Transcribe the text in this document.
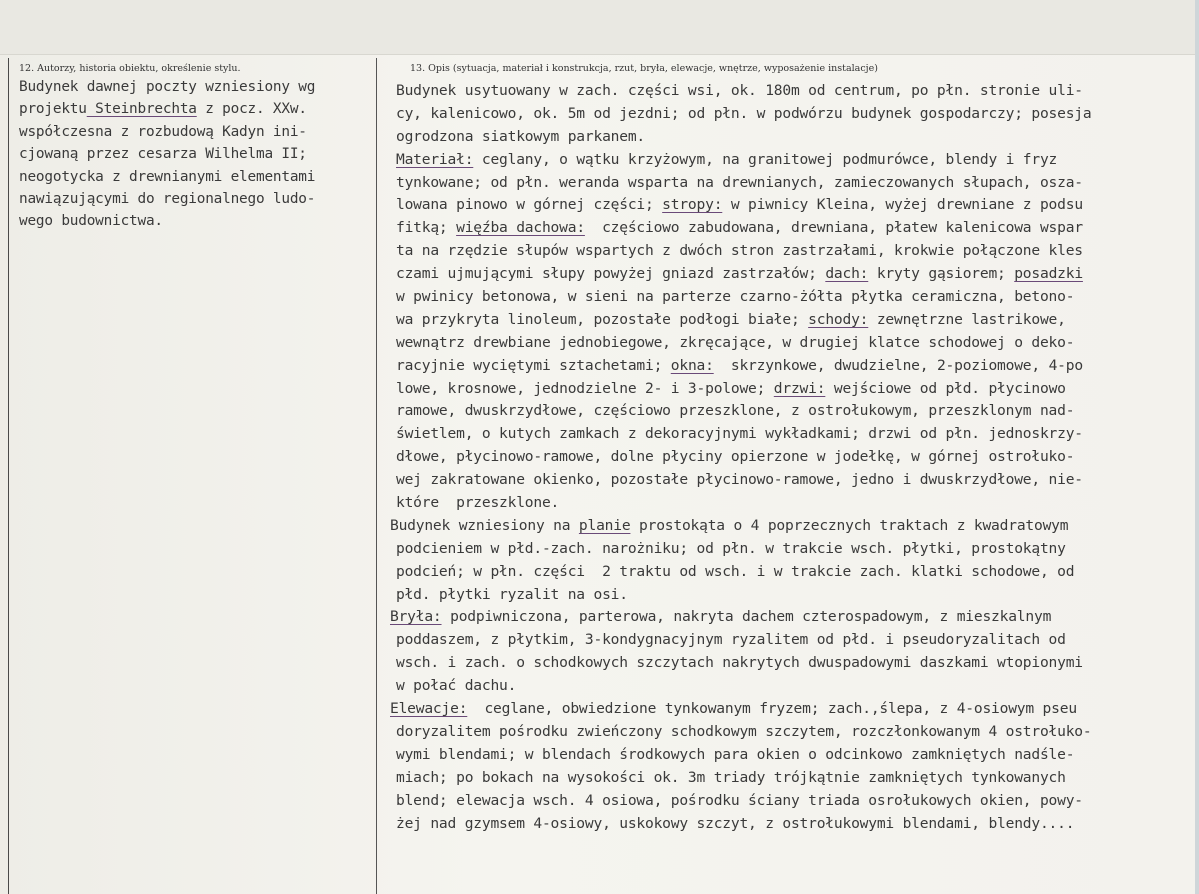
12. Autorzy, historia obiektu, określenie stylu.
Budynek dawnej poczty wzniesiony wg
projektu Steinbrechta z pocz. XXw.
współczesna z rozbudową Kadyn ini-
cjowaną przez cesarza Wilhelma II;
neogotycka z drewnianymi elementami
nawiązującymi do regionalnego ludo-
wego budownictwa.
13. Opis (sytuacja, materiał i konstrukcja, rzut, bryła, elewacje, wnętrze, wyposażenie instalacje)
Budynek usytuowany w zach. części wsi, ok. 180m od centrum, po płn. stronie uli-
cy, kalenicowo, ok. 5m od jezdni; od płn. w podwórzu budynek gospodarczy; posesja
ogrodzona siatkowym parkanem.
Materiał: ceglany, o wątku krzyżowym, na granitowej podmurówce, blendy i fryz
tynkowane; od płn. weranda wsparta na drewnianych, zamieczowanych słupach, osza-
lowana pinowo w górnej części; stropy: w piwnicy Kleina, wyżej drewniane z podsu
fitką; więźba dachowa:  częściowo zabudowana, drewniana, płatew kalenicowa wspar
ta na rzędzie słupów wspartych z dwóch stron zastrzałami, krokwie połączone kles
czami ujmującymi słupy powyżej gniazd zastrzałów; dach: kryty gąsiorem; posadzki
w pwinicy betonowa, w sieni na parterze czarno-żółta płytka ceramiczna, betono-
wa przykryta linoleum, pozostałe podłogi białe; schody: zewnętrzne lastrikowe,
wewnątrz drewbiane jednobiegowe, zkręcające, w drugiej klatce schodowej o deko-
racyjnie wyciętymi sztachetami; okna:  skrzynkowe, dwudzielne, 2-poziomowe, 4-po
lowe, krosnowe, jednodzielne 2- i 3-polowe; drzwi: wejściowe od płd. płycinowo
ramowe, dwuskrzydłowe, częściowo przeszklone, z ostrołukowym, przeszklonym nad-
świetlem, o kutych zamkach z dekoracyjnymi wykładkami; drzwi od płn. jednoskrzy-
dłowe, płycinowo-ramowe, dolne płyciny opierzone w jodełkę, w górnej ostrołuko-
wej zakratowane okienko, pozostałe płycinowo-ramowe, jedno i dwuskrzydłowe, nie-
które  przeszklone.
Budynek wzniesiony na planie prostokąta o 4 poprzecznych traktach z kwadratowym
podcieniem w płd.-zach. narożniku; od płn. w trakcie wsch. płytki, prostokątny
podcień; w płn. części  2 traktu od wsch. i w trakcie zach. klatki schodowe, od
płd. płytki ryzalit na osi.
Bryła: podpiwniczona, parterowa, nakryta dachem czterospadowym, z mieszkalnym
poddaszem, z płytkim, 3-kondygnacyjnym ryzalitem od płd. i pseudoryzalitach od
wsch. i zach. o schodkowych szczytach nakrytych dwuspadowymi daszkami wtopionymi
w połać dachu.
Elewacje:  ceglane, obwiedzione tynkowanym fryzem; zach.,ślepa, z 4-osiowym pseu
doryzalitem pośrodku zwieńczony schodkowym szczytem, rozczłonkowanym 4 ostrołuko-
wymi blendami; w blendach środkowych para okien o odcinkowo zamkniętych nadśle-
miach; po bokach na wysokości ok. 3m triady trójkątnie zamkniętych tynkowanych
blend; elewacja wsch. 4 osiowa, pośrodku ściany triada osrołukowych okien, powy-
żej nad gzymsem 4-osiowy, uskokowy szczyt, z ostrołukowymi blendami, blendy....
